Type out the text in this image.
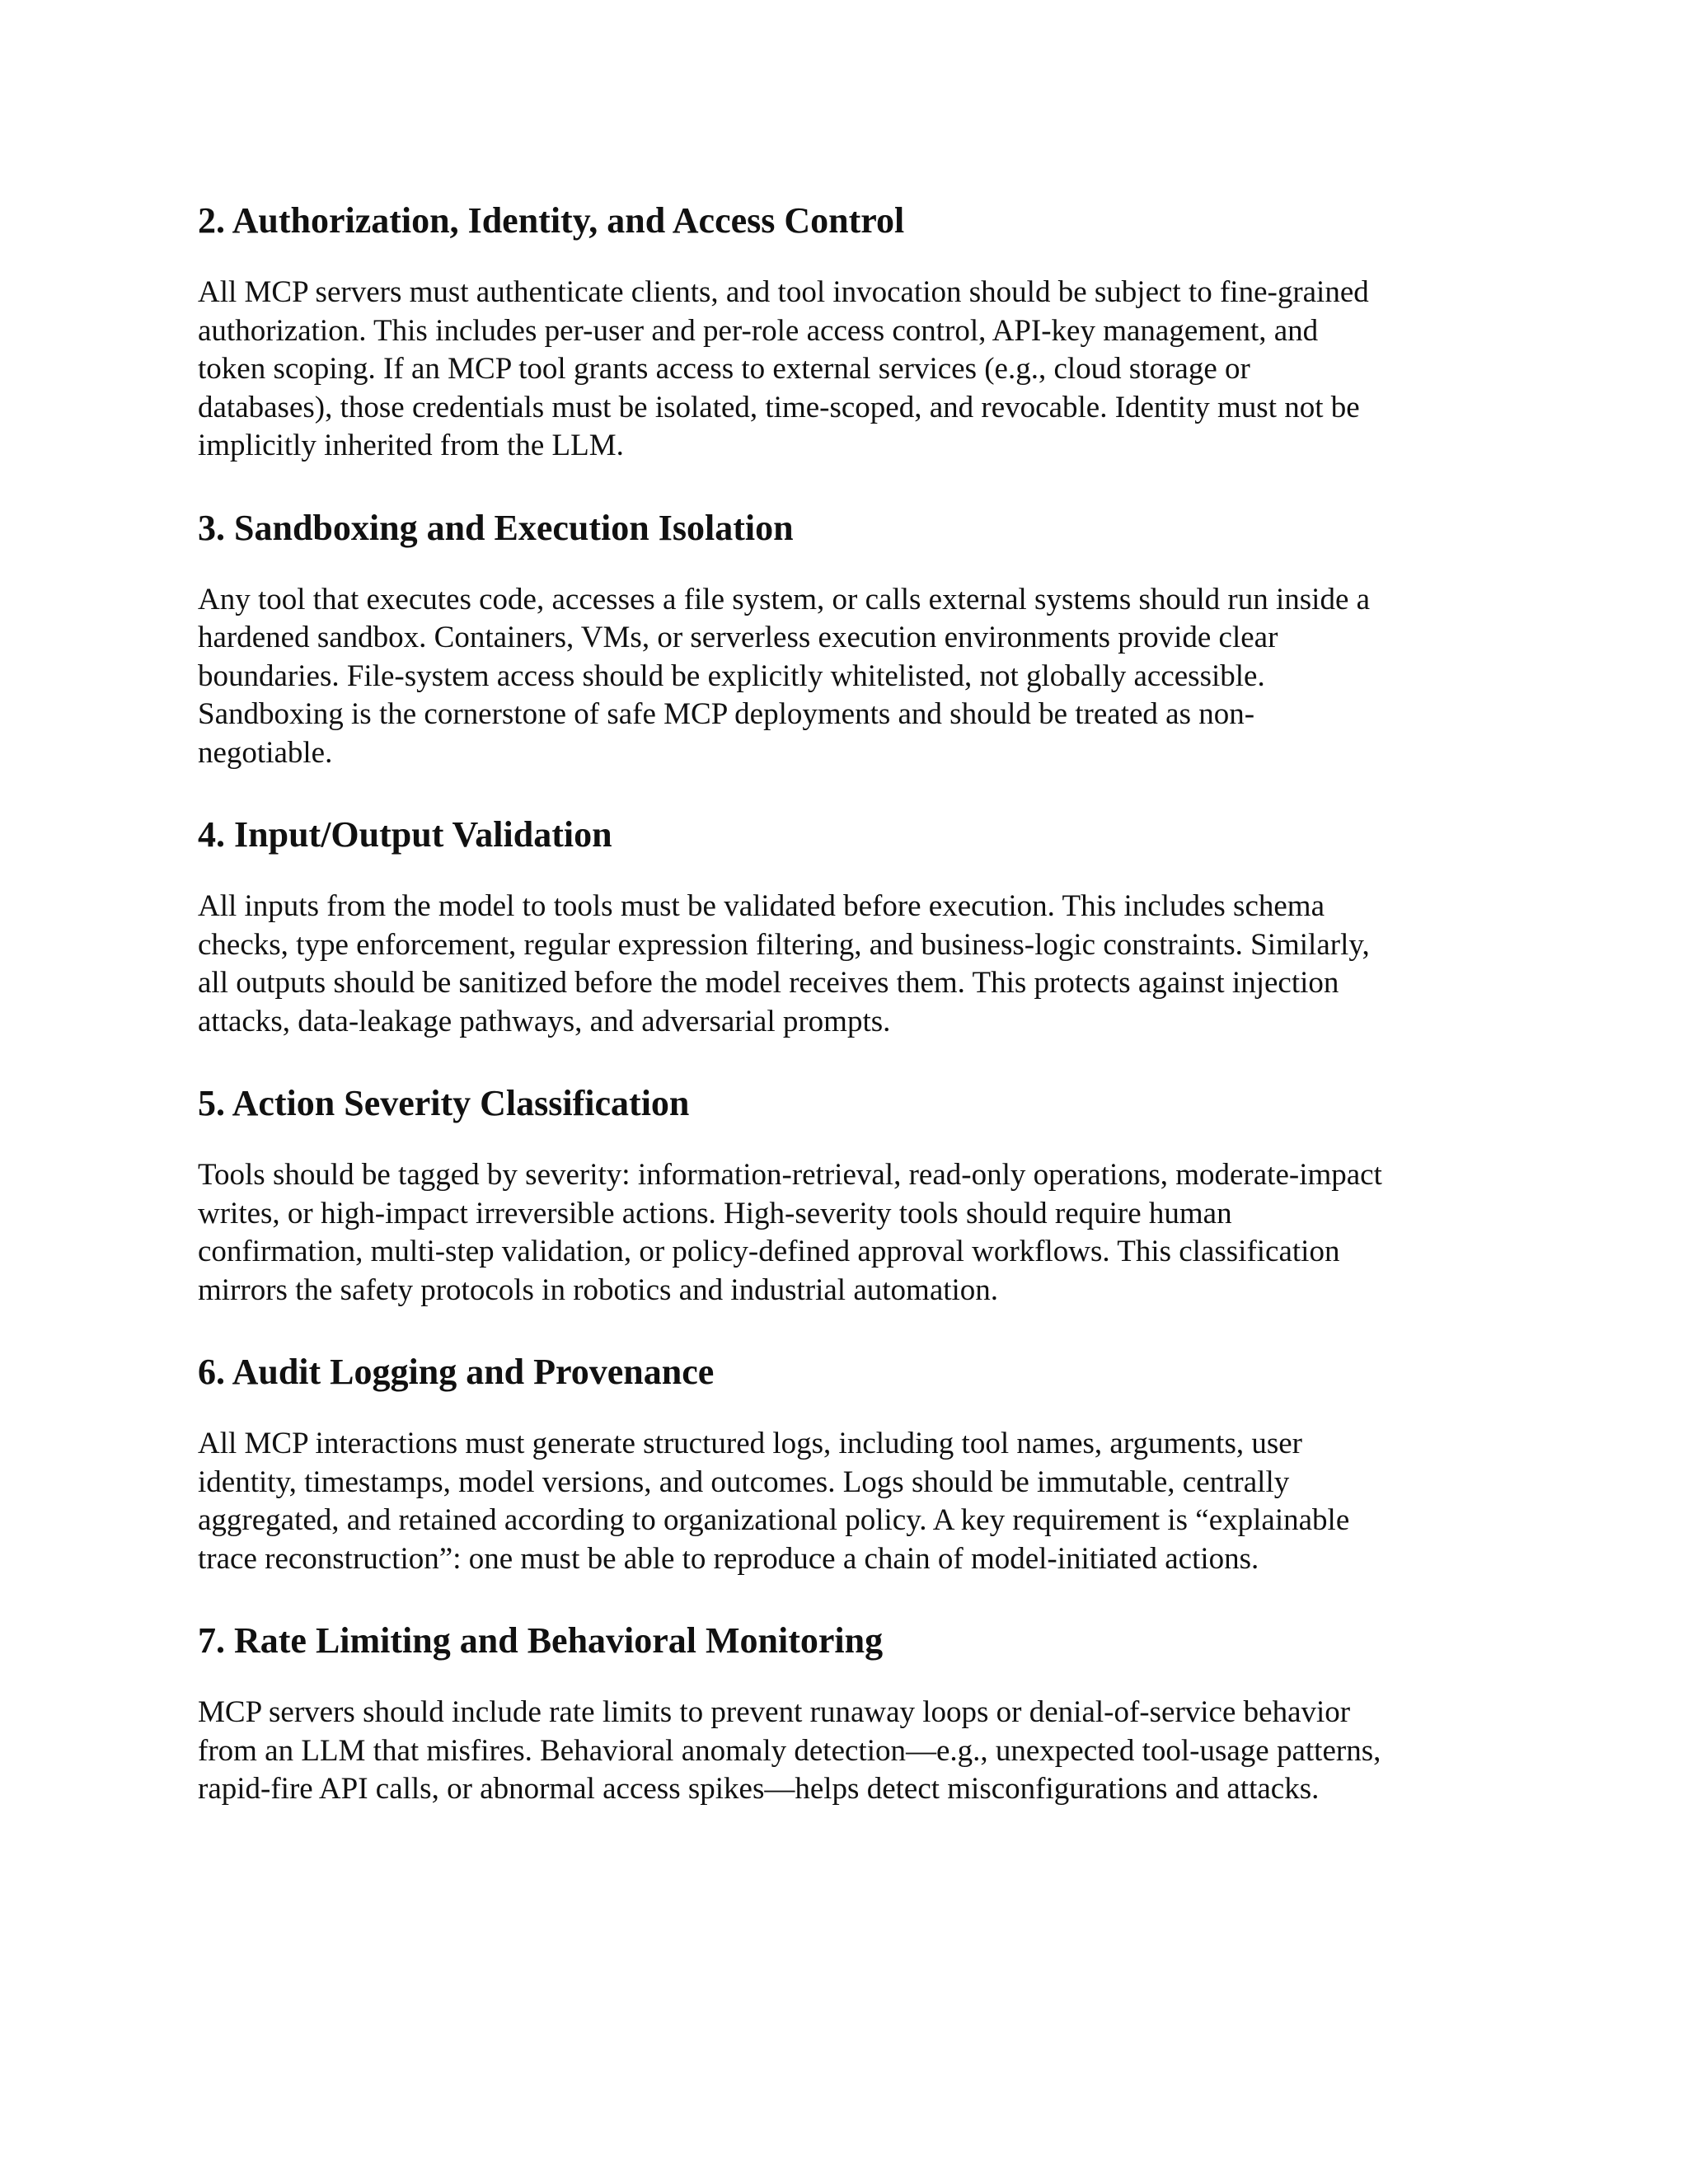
2. Authorization, Identity, and Access Control

All MCP servers must authenticate clients, and tool invocation should be subject to fine-grained
authorization. This includes per-user and per-role access control, API-key management, and
token scoping. If an MCP tool grants access to external services (e.g., cloud storage or
databases), those credentials must be isolated, time-scoped, and revocable. Identity must not be
implicitly inherited from the LLM.

3. Sandboxing and Execution Isolation

Any tool that executes code, accesses a file system, or calls external systems should run inside a
hardened sandbox. Containers, VMs, or serverless execution environments provide clear
boundaries. File-system access should be explicitly whitelisted, not globally accessible.
Sandboxing is the cornerstone of safe MCP deployments and should be treated as non-
negotiable.

4. Input/Output Validation

All inputs from the model to tools must be validated before execution. This includes schema
checks, type enforcement, regular expression filtering, and business-logic constraints. Similarly,
all outputs should be sanitized before the model receives them. This protects against injection
attacks, data-leakage pathways, and adversarial prompts.

5. Action Severity Classification

Tools should be tagged by severity: information-retrieval, read-only operations, moderate-impact
writes, or high-impact irreversible actions. High-severity tools should require human
confirmation, multi-step validation, or policy-defined approval workflows. This classification
mirrors the safety protocols in robotics and industrial automation.

6. Audit Logging and Provenance

All MCP interactions must generate structured logs, including tool names, arguments, user
identity, timestamps, model versions, and outcomes. Logs should be immutable, centrally
aggregated, and retained according to organizational policy. A key requirement is “explainable
trace reconstruction”: one must be able to reproduce a chain of model-initiated actions.

7. Rate Limiting and Behavioral Monitoring

MCP servers should include rate limits to prevent runaway loops or denial-of-service behavior
from an LLM that misfires. Behavioral anomaly detection—e.g., unexpected tool-usage patterns,
rapid-fire API calls, or abnormal access spikes—helps detect misconfigurations and attacks.
